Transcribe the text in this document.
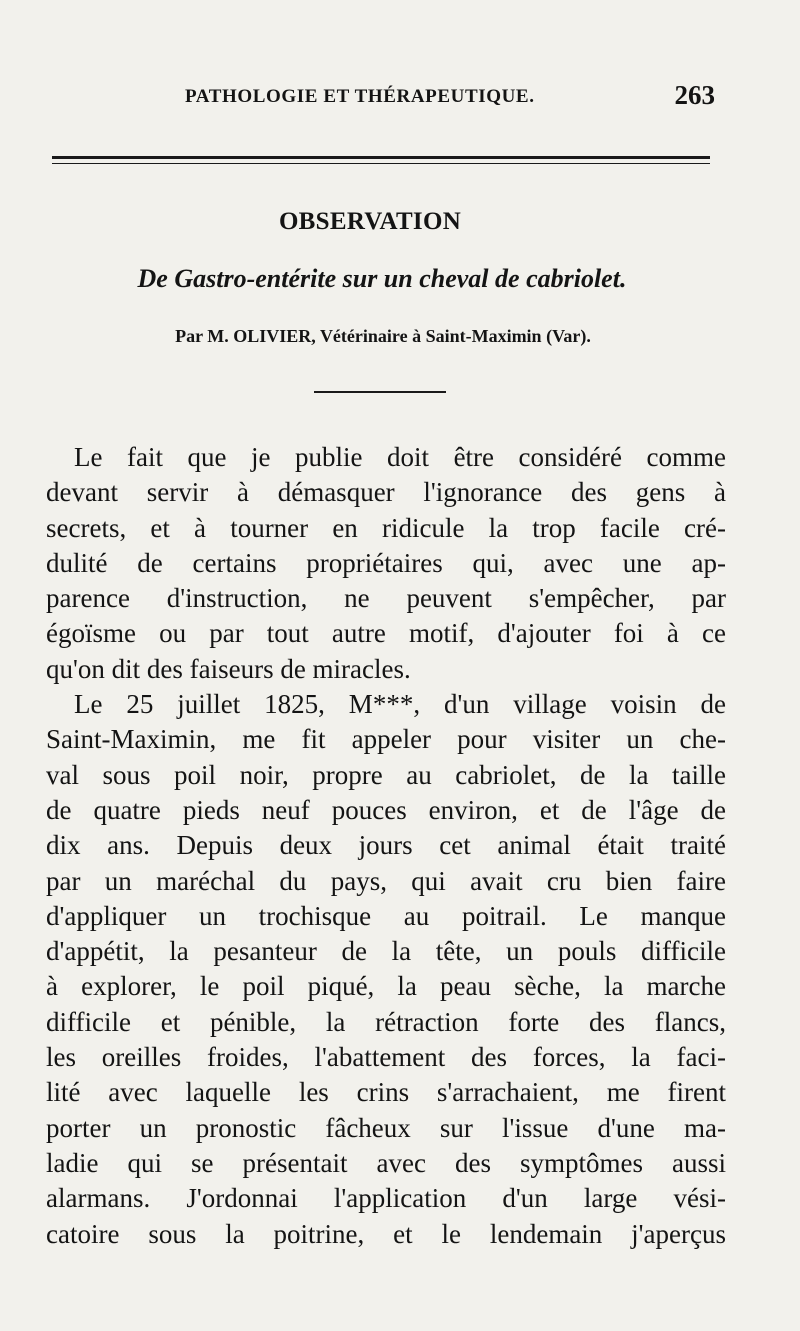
PATHOLOGIE ET THÉRAPEUTIQUE.	263
OBSERVATION
De Gastro-entérite sur un cheval de cabriolet.
Par M. OLIVIER, Vétérinaire à Saint-Maximin (Var).
Le fait que je publie doit être considéré comme
devant servir à démasquer l'ignorance des gens à
secrets, et à tourner en ridicule la trop facile cré-
dulité de certains propriétaires qui, avec une ap-
parence d'instruction, ne peuvent s'empêcher, par
égoïsme ou par tout autre motif, d'ajouter foi à ce
qu'on dit des faiseurs de miracles.
Le 25 juillet 1825, M***, d'un village voisin de
Saint-Maximin, me fit appeler pour visiter un che-
val sous poil noir, propre au cabriolet, de la taille
de quatre pieds neuf pouces environ, et de l'âge de
dix ans. Depuis deux jours cet animal était traité
par un maréchal du pays, qui avait cru bien faire
d'appliquer un trochisque au poitrail. Le manque
d'appétit, la pesanteur de la tête, un pouls difficile
à explorer, le poil piqué, la peau sèche, la marche
difficile et pénible, la rétraction forte des flancs,
les oreilles froides, l'abattement des forces, la faci-
lité avec laquelle les crins s'arrachaient, me firent
porter un pronostic fâcheux sur l'issue d'une ma-
ladie qui se présentait avec des symptômes aussi
alarmans. J'ordonnai l'application d'un large vési-
catoire sous la poitrine, et le lendemain j'aperçus
